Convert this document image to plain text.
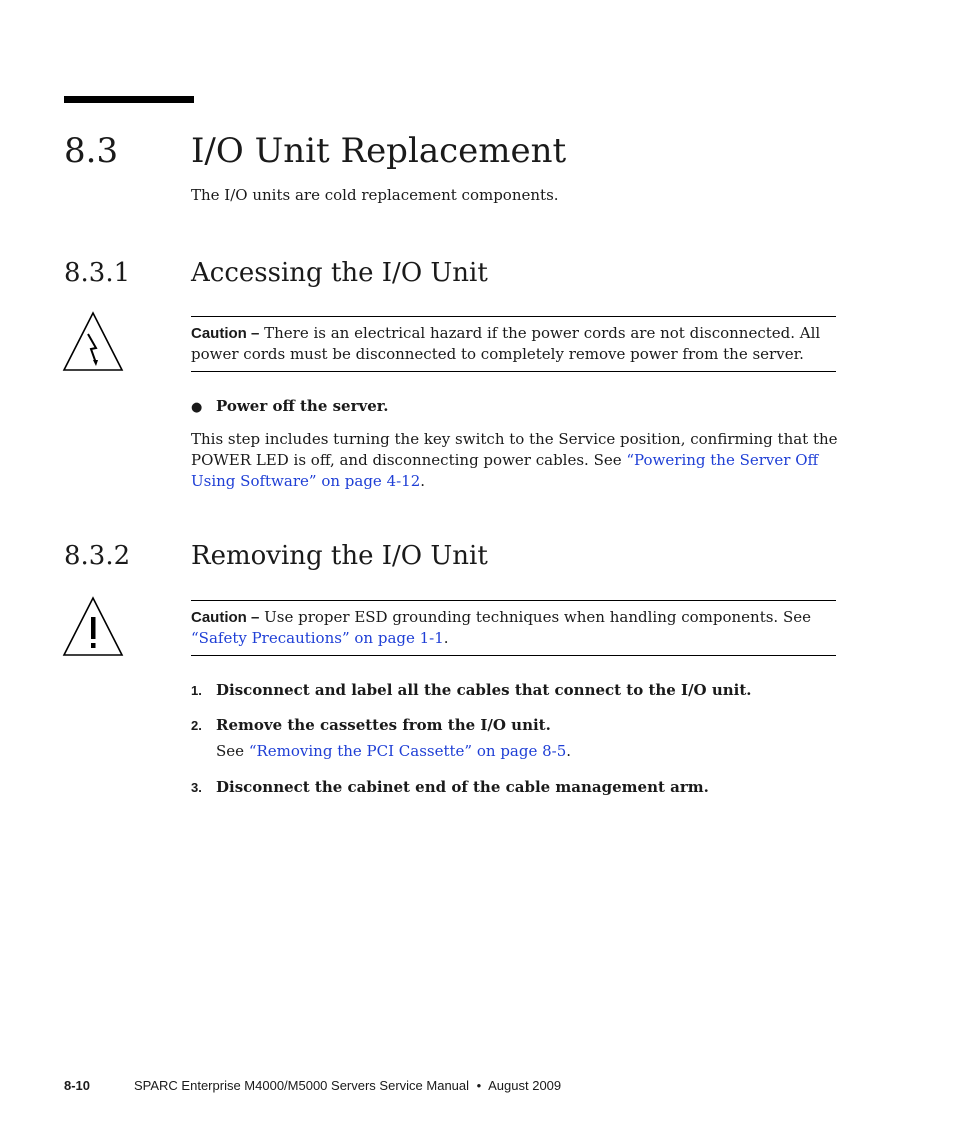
8.3 I/O Unit Replacement

The I/O units are cold replacement components.

8.3.1 Accessing the I/O Unit
Caution – There is an electrical hazard if the power cords are not disconnected. All power cords must be disconnected to completely remove power from the server.
● Power off the server.

This step includes turning the key switch to the Service position, confirming that the POWER LED is off, and disconnecting power cables. See “Powering the Server Off Using Software” on page 4-12.

8.3.2 Removing the I/O Unit
Caution – Use proper ESD grounding techniques when handling components. See “Safety Precautions” on page 1-1.
1. Disconnect and label all the cables that connect to the I/O unit.
2. Remove the cassettes from the I/O unit.

See “Removing the PCI Cassette” on page 8-5.

3. Disconnect the cabinet end of the cable management arm.
8-10	SPARC Enterprise M4000/M5000 Servers Service Manual • August 2009
